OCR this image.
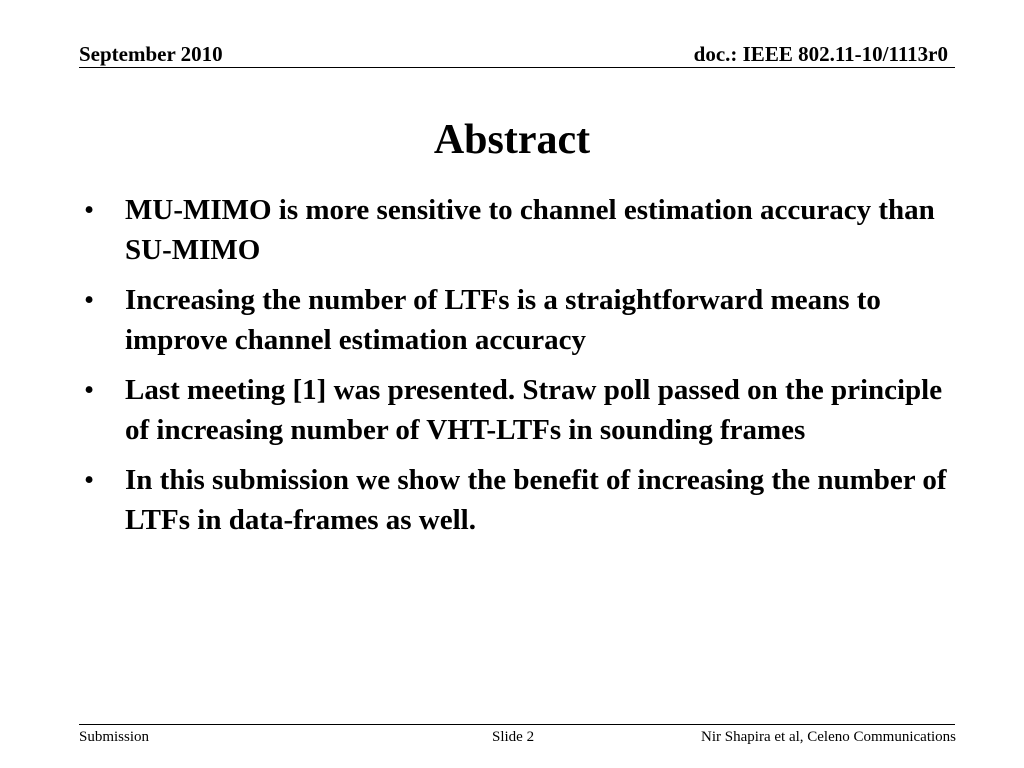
September 2010	doc.: IEEE 802.11-10/1113r0
Abstract
• MU-MIMO is more sensitive to channel estimation accuracy than SU-MIMO
• Increasing the number of LTFs is a straightforward means to improve channel estimation accuracy
• Last meeting [1] was presented. Straw poll passed on the principle of increasing number of VHT-LTFs in sounding frames
• In this submission we show the benefit of increasing the number of LTFs in data-frames as well.
Submission	Slide 2	Nir Shapira et al, Celeno Communications
